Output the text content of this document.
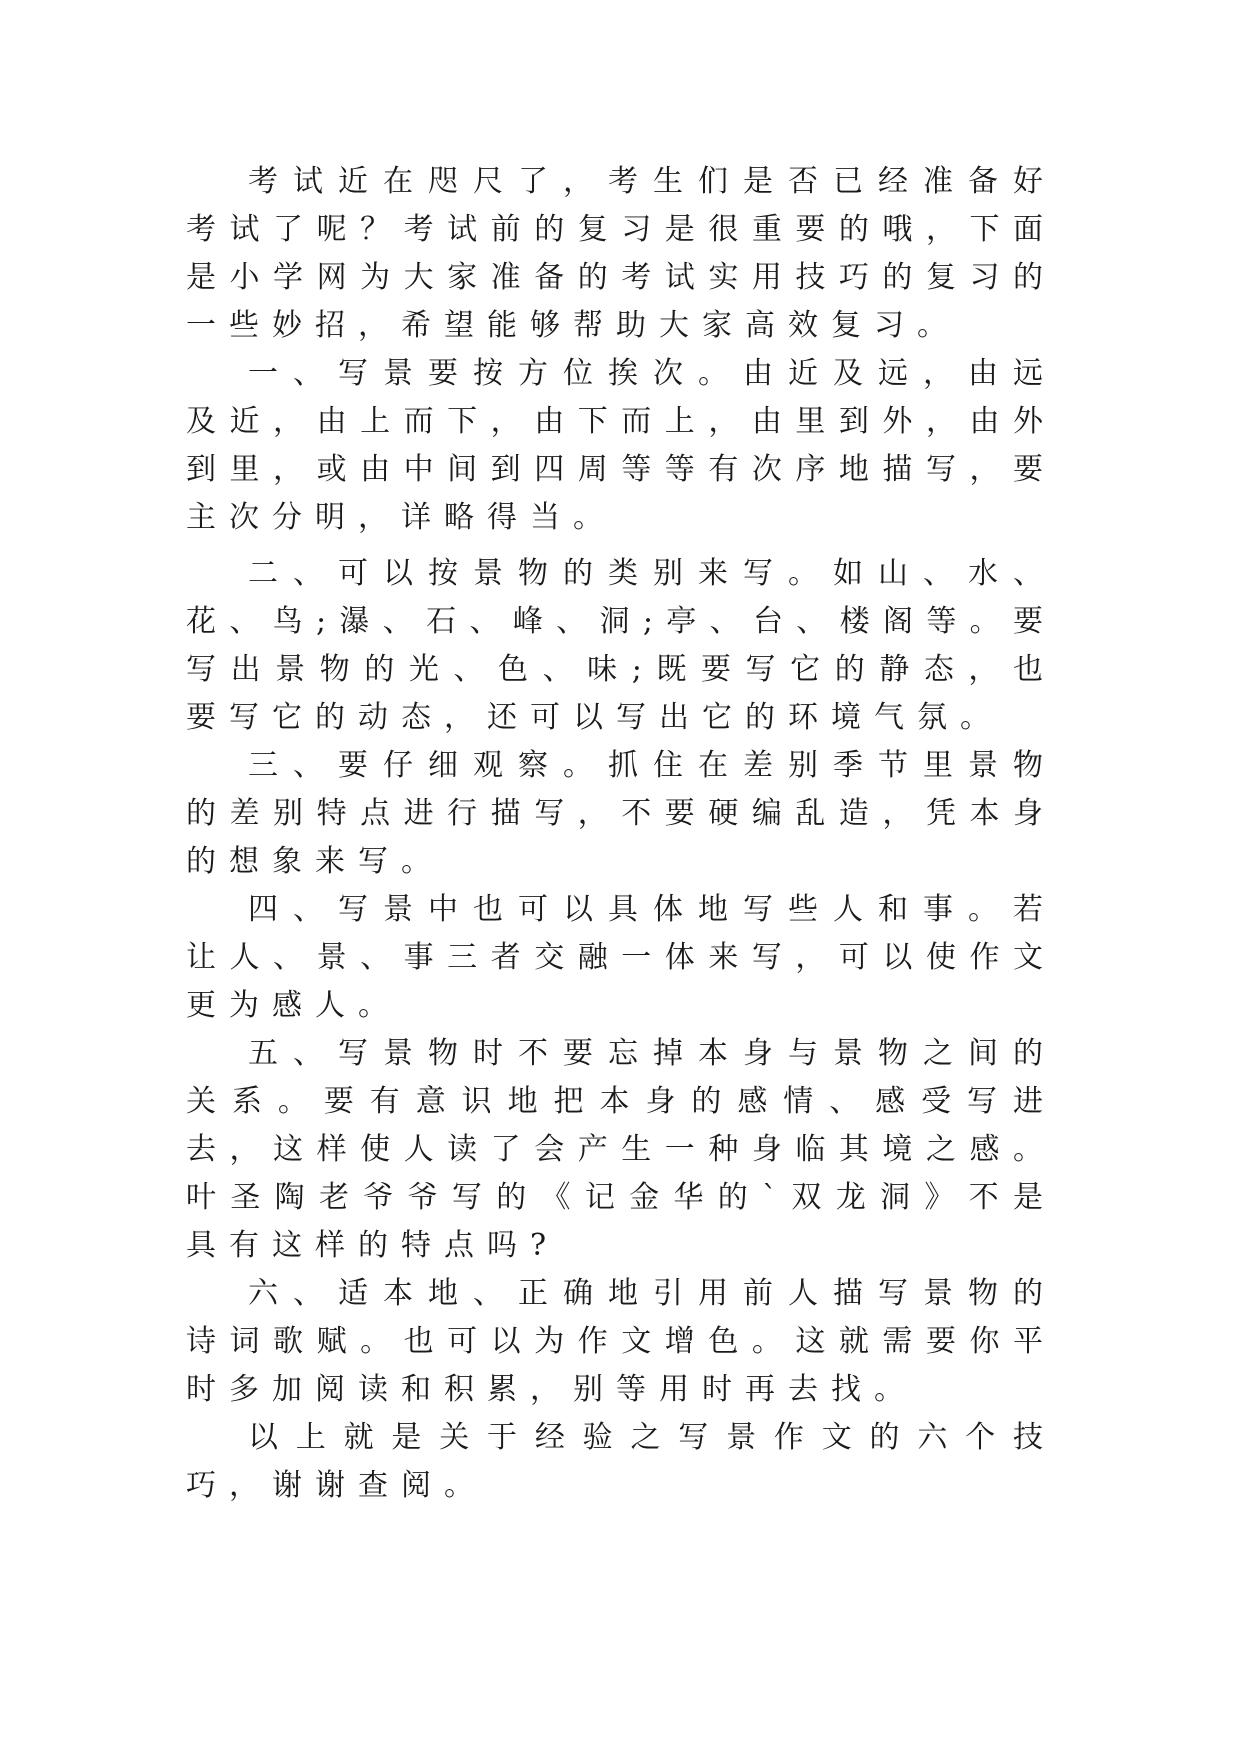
考试近在咫尺了，考生们是否已经准备好考试了呢？考试前的复习是很重要的哦，下面是小学网为大家准备的考试实用技巧的复习的一些妙招，希望能够帮助大家高效复习。

一、写景要按方位挨次。由近及远，由远及近，由上而下，由下而上，由里到外，由外到里，或由中间到四周等等有次序地描写，要主次分明，详略得当。

二、可以按景物的类别来写。如山、水、花、鸟;瀑、石、峰、洞;亭、台、楼阁等。要写出景物的光、色、味;既要写它的静态，也要写它的动态，还可以写出它的环境气氛。

三、要仔细观察。抓住在差别季节里景物的差别特点进行描写，不要硬编乱造，凭本身的想象来写。

四、写景中也可以具体地写些人和事。若让人、景、事三者交融一体来写，可以使作文更为感人。

五、写景物时不要忘掉本身与景物之间的关系。要有意识地把本身的感情、感受写进去，这样使人读了会产生一种身临其境之感。叶圣陶老爷爷写的《记金华的`双龙洞》不是具有这样的特点吗?

六、适本地、正确地引用前人描写景物的诗词歌赋。也可以为作文增色。这就需要你平时多加阅读和积累，别等用时再去找。

以上就是关于经验之写景作文的六个技巧，谢谢查阅。
